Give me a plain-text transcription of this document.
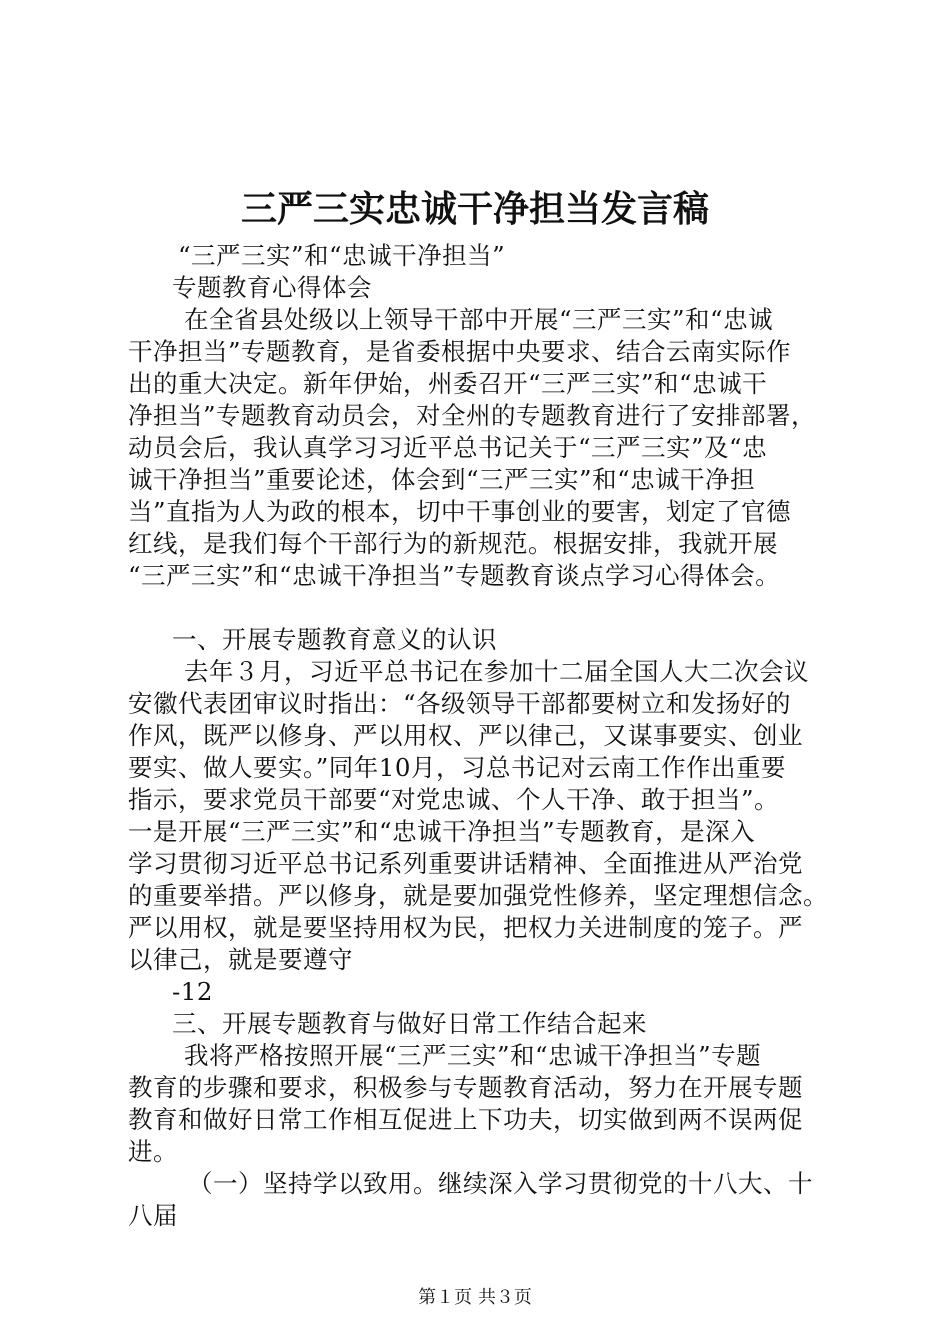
三严三实忠诚干净担当发言稿
“三严三实”和“忠诚干净担当”
专题教育心得体会
在全省县处级以上领导干部中开展“三严三实”和“忠诚
干净担当”专题教育，是省委根据中央要求、结合云南实际作
出的重大决定。新年伊始，州委召开“三严三实”和“忠诚干
净担当”专题教育动员会，对全州的专题教育进行了安排部署，
动员会后，我认真学习习近平总书记关于“三严三实”及“忠
诚干净担当”重要论述，体会到“三严三实”和“忠诚干净担
当”直指为人为政的根本，切中干事创业的要害，划定了官德
红线，是我们每个干部行为的新规范。根据安排，我就开展
“三严三实”和“忠诚干净担当”专题教育谈点学习心得体会。
一、开展专题教育意义的认识
去年３月，习近平总书记在参加十二届全国人大二次会议
安徽代表团审议时指出：“各级领导干部都要树立和发扬好的
作风，既严以修身、严以用权、严以律己，又谋事要实、创业
要实、做人要实。”同年10月，习总书记对云南工作作出重要
指示，要求党员干部要“对党忠诚、个人干净、敢于担当”。
一是开展“三严三实”和“忠诚干净担当”专题教育，是深入
学习贯彻习近平总书记系列重要讲话精神、全面推进从严治党
的重要举措。严以修身，就是要加强党性修养，坚定理想信念。
严以用权，就是要坚持用权为民，把权力关进制度的笼子。严
以律己，就是要遵守
-12
三、开展专题教育与做好日常工作结合起来
我将严格按照开展“三严三实”和“忠诚干净担当”专题
教育的步骤和要求，积极参与专题教育活动，努力在开展专题
教育和做好日常工作相互促进上下功夫，切实做到两不误两促
进。
（一）坚持学以致用。继续深入学习贯彻党的十八大、十
八届
第１页 共３页
